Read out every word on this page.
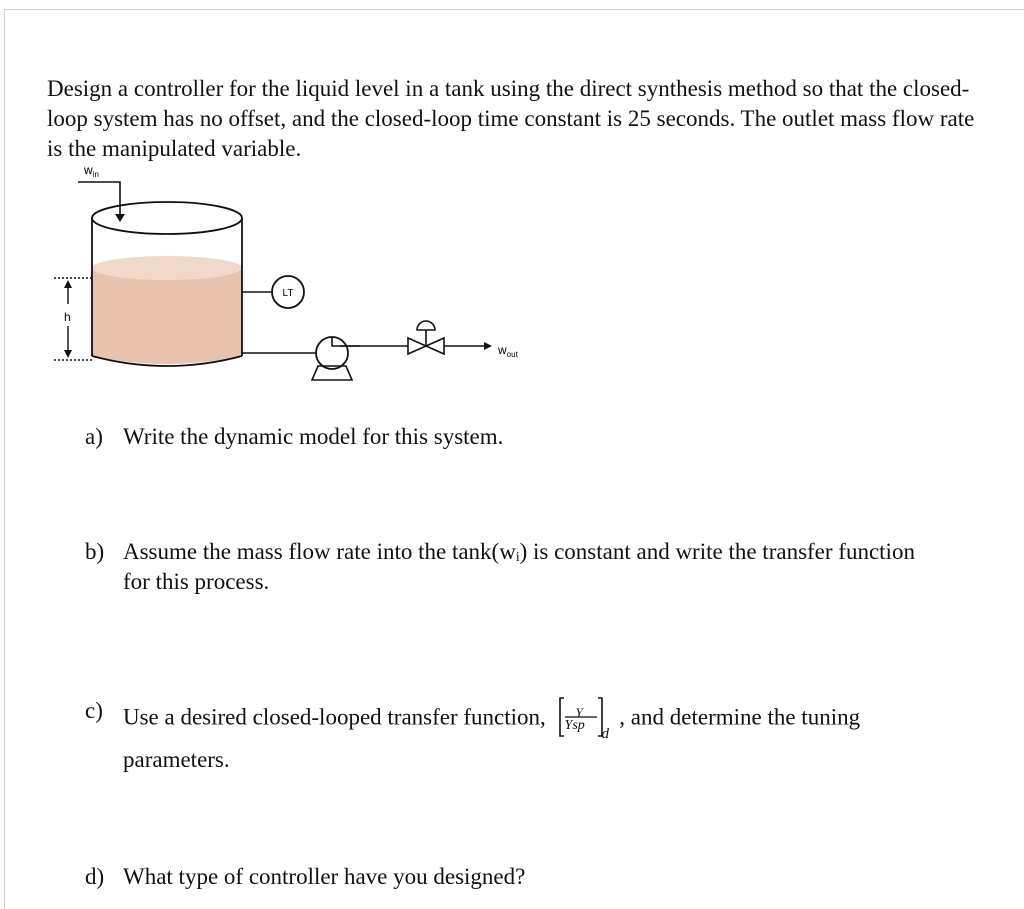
Design a controller for the liquid level in a tank using the direct synthesis method so that the closed-loop system has no offset, and the closed-loop time constant is 25 seconds. The outlet mass flow rate is the manipulated variable.

$w_{in}$
h
LT
$w_{out}$
a) Write the dynamic model for this system.
b) Assume the mass flow rate into the tank(wᵢ) is constant and write the transfer function for this process.
c) Use a desired closed-looped transfer function, Y
Ysp
d
, and determine the tuning
parameters.
d) What type of controller have you designed?
